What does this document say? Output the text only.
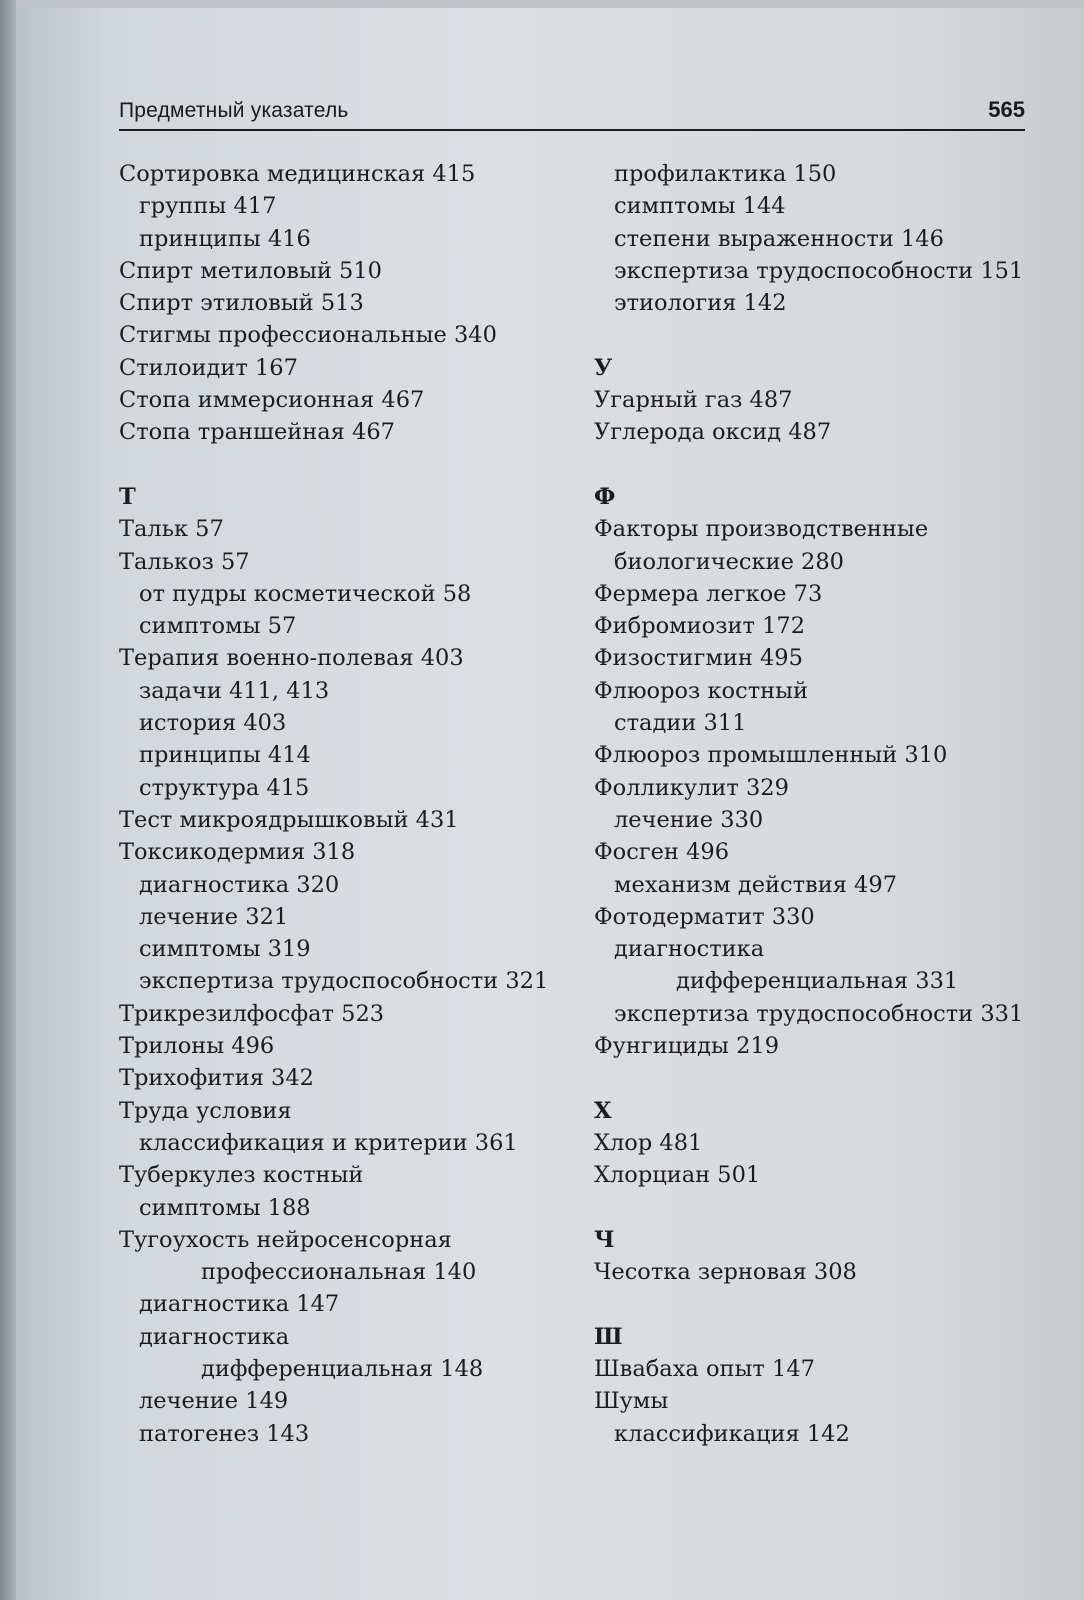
Предметный указатель	565
Сортировка медицинская 415
группы 417
принципы 416
Спирт метиловый 510
Спирт этиловый 513
Стигмы профессиональные 340
Стилоидит 167
Стопа иммерсионная 467
Стопа траншейная 467
Т
Тальк 57
Талькоз 57
от пудры косметической 58
симптомы 57
Терапия военно-полевая 403
задачи 411, 413
история 403
принципы 414
структура 415
Тест микроядрышковый 431
Токсикодермия 318
диагностика 320
лечение 321
симптомы 319
экспертиза трудоспособности 321
Трикрезилфосфат 523
Трилоны 496
Трихофития 342
Труда условия
классификация и критерии 361
Туберкулез костный
симптомы 188
Тугоухость нейросенсорная
профессиональная 140
диагностика 147
диагностика
дифференциальная 148
лечение 149
патогенез 143
профилактика 150
симптомы 144
степени выраженности 146
экспертиза трудоспособности 151
этиология 142
У
Угарный газ 487
Углерода оксид 487
Ф
Факторы производственные
биологические 280
Фермера легкое 73
Фибромиозит 172
Физостигмин 495
Флюороз костный
стадии 311
Флюороз промышленный 310
Фолликулит 329
лечение 330
Фосген 496
механизм действия 497
Фотодерматит 330
диагностика
дифференциальная 331
экспертиза трудоспособности 331
Фунгициды 219
Х
Хлор 481
Хлорциан 501
Ч
Чесотка зерновая 308
Ш
Швабаха опыт 147
Шумы
классификация 142
